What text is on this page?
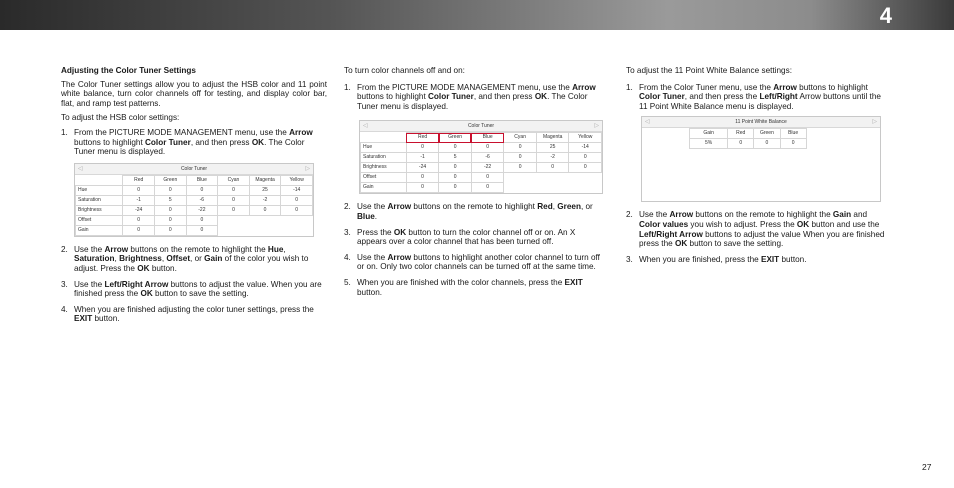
4
Adjusting the Color Tuner Settings
The Color Tuner settings allow you to adjust the HSB color and 11 point white balance, turn color channels off for testing, and display color bar, flat, and ramp test patterns.
To adjust the HSB color settings:
1. From the PICTURE MODE MANAGEMENT menu, use the Arrow buttons to highlight Color Tuner, and then press OK. The Color Tuner menu is displayed.
◁	Color Tuner	▷
	Red	Green	Blue	Cyan	Magenta	Yellow
Hue	0	0	0	0	25	-14
Saturation	-1	5	-6	0	-2	0
Brightness	-24	0	-22	0	0	0
Offset	0	0	0			
Gain	0	0	0			
2. Use the Arrow buttons on the remote to highlight the Hue, Saturation, Brightness, Offset, or Gain of the color you wish to adjust. Press the OK button.
3. Use the Left/Right Arrow buttons to adjust the value. When you are finished press the OK button to save the setting.
4. When you are finished adjusting the color tuner settings, press the EXIT button.
To turn color channels off and on:
1. From the PICTURE MODE MANAGEMENT menu, use the Arrow buttons to highlight Color Tuner, and then press OK. The Color Tuner menu is displayed.
◁	Color Tuner	▷
	Red	Green	Blue	Cyan	Magenta	Yellow
Hue	0	0	0	0	25	-14
Saturation	-1	5	-6	0	-2	0
Brightness	-24	0	-22	0	0	0
Offset	0	0	0			
Gain	0	0	0			
2. Use the Arrow buttons on the remote to highlight Red, Green, or Blue.
3. Press the OK button to turn the color channel off or on. An X appears over a color channel that has been turned off.
4. Use the Arrow buttons to highlight another color channel to turn off or on. Only two color channels can be turned off at the same time.
5. When you are finished with the color channels, press the EXIT button.
To adjust the 11 Point White Balance settings:
1. From the Color Tuner menu, use the Arrow buttons to highlight Color Tuner, and then press the Left/Right Arrow buttons until the 11 Point White Balance menu is displayed.
◁	11 Point White Balance	▷
	Gain	Red	Green	Blue	
	5%	0	0	0	
2. Use the Arrow buttons on the remote to highlight the Gain and Color values you wish to adjust. Press the OK button and use the Left/Right Arrow buttons to adjust the value When you are finished press the OK button to save the setting.
3. When you are finished, press the EXIT button.
27
